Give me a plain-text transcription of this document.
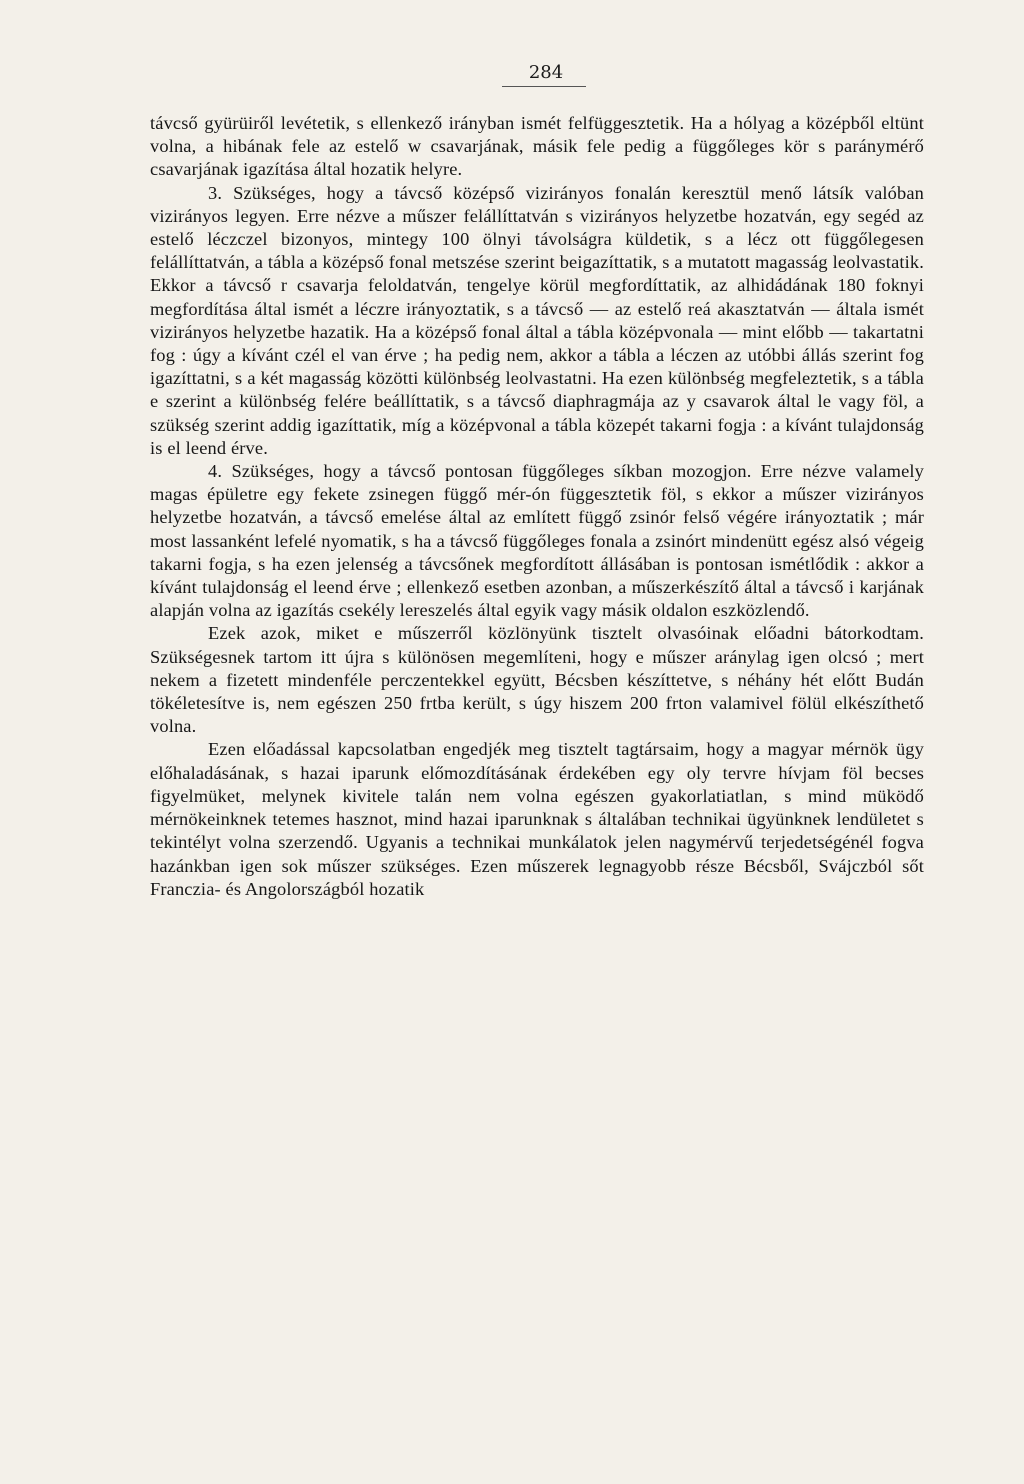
284

távcső gyürüiről levétetik, s ellenkező irányban ismét felfüggesztetik. Ha a hólyag a középből eltünt volna, a hibának fele az estelő w csavarjának, másik fele pedig a függőleges kör s paránymérő csavarjának igazítása által hozatik helyre.

3. Szükséges, hogy a távcső középső vizirányos fonalán keresztül menő látsík valóban vizirányos legyen. Erre nézve a műszer felállíttatván s vizirányos helyzetbe hozatván, egy segéd az estelő léczczel bizonyos, mintegy 100 ölnyi távolságra küldetik, s a lécz ott függőlegesen felállíttatván, a tábla a középső fonal metszése szerint beigazíttatik, s a mutatott magasság leolvastatik. Ekkor a távcső r csavarja feloldatván, tengelye körül megfordíttatik, az alhidádának 180 foknyi megfordítása által ismét a léczre irányoztatik, s a távcső — az estelő reá akasztatván — általa ismét vizirányos helyzetbe hazatik. Ha a középső fonal által a tábla középvonala — mint előbb — takartatni fog : úgy a kívánt czél el van érve ; ha pedig nem, akkor a tábla a léczen az utóbbi állás szerint fog igazíttatni, s a két magasság közötti különbség leolvastatni. Ha ezen különbség megfeleztetik, s a tábla e szerint a különbség felére beállíttatik, s a távcső diaphragmája az y csavarok által le vagy föl, a szükség szerint addig igazíttatik, míg a középvonal a tábla közepét takarni fogja : a kívánt tulajdonság is el leend érve.

4. Szükséges, hogy a távcső pontosan függőleges síkban mozogjon. Erre nézve valamely magas épületre egy fekete zsinegen függő mér-ón függesztetik föl, s ekkor a műszer vizirányos helyzetbe hozatván, a távcső emelése által az említett függő zsinór felső végére irányoztatik ; már most lassanként lefelé nyomatik, s ha a távcső függőleges fonala a zsinórt mindenütt egész alsó végeig takarni fogja, s ha ezen jelenség a távcsőnek megfordított állásában is pontosan ismétlődik : akkor a kívánt tulajdonság el leend érve ; ellenkező esetben azonban, a műszerkészítő által a távcső i karjának alapján volna az igazítás csekély lereszelés által egyik vagy másik oldalon eszközlendő.

Ezek azok, miket e műszerről közlönyünk tisztelt olvasóinak előadni bátorkodtam. Szükségesnek tartom itt újra s különösen megemlíteni, hogy e műszer aránylag igen olcsó ; mert nekem a fizetett mindenféle perczentekkel együtt, Bécsben készíttetve, s néhány hét előtt Budán tökéletesítve is, nem egészen 250 frtba került, s úgy hiszem 200 frton valamivel fölül elkészíthető volna.

Ezen előadással kapcsolatban engedjék meg tisztelt tagtársaim, hogy a magyar mérnök ügy előhaladásának, s hazai iparunk előmozdításának érdekében egy oly tervre hívjam föl becses figyelmüket, melynek kivitele talán nem volna egészen gyakorlatiatlan, s mind müködő mérnökeinknek tetemes hasznot, mind hazai iparunknak s általában technikai ügyünknek lendületet s tekintélyt volna szerzendő. Ugyanis a technikai munkálatok jelen nagymérvű terjedetségénél fogva hazánkban igen sok műszer szükséges. Ezen műszerek legnagyobb része Bécsből, Svájczból sőt Franczia- és Angolországból hozatik
